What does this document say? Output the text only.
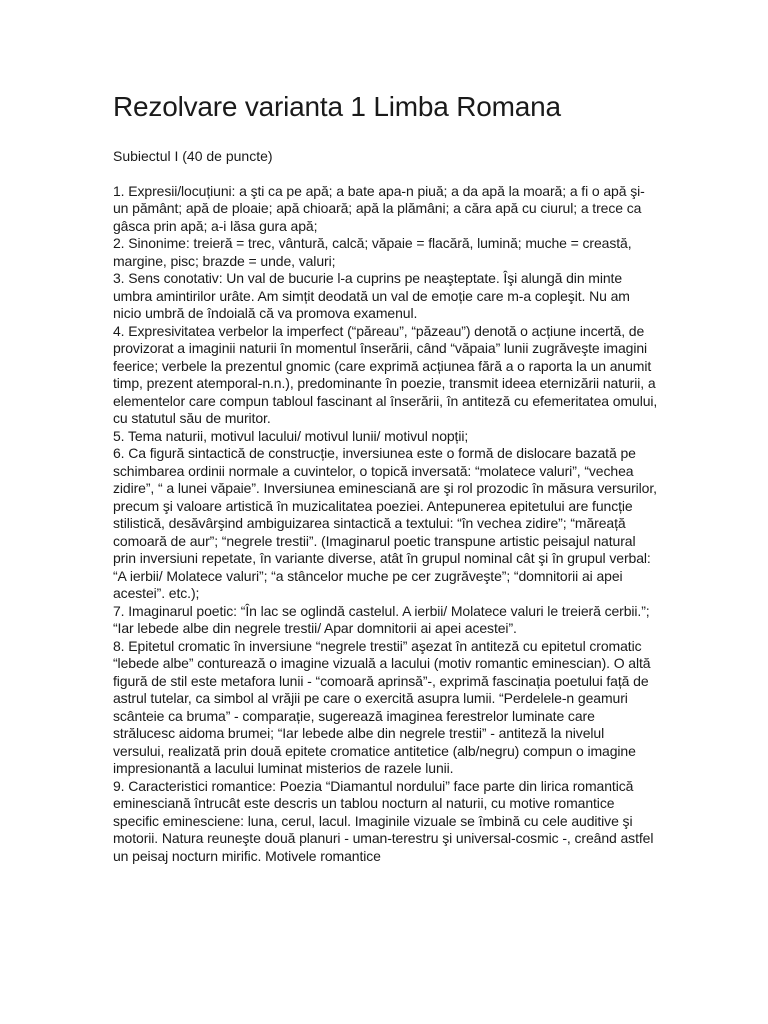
Rezolvare varianta 1 Limba Romana

Subiectul I (40 de puncte)

1. Expresii/locuțiuni: a şti ca pe apă; a bate apa-n piuă; a da apă la moară; a fi o apă şi-un pământ; apă de ploaie; apă chioară; apă la plămâni; a căra apă cu ciurul; a trece ca gâsca prin apă; a-i lăsa gura apă;

2. Sinonime: treieră = trec, vântură, calcă; văpaie = flacără, lumină; muche = creastă, margine, pisc; brazde = unde, valuri;

3. Sens conotativ: Un val de bucurie l-a cuprins pe neaşteptate. Îşi alungă din minte umbra amintirilor urâte. Am simțit deodată un val de emoție care m-a copleşit. Nu am nicio umbră de îndoială că va promova examenul.

4. Expresivitatea verbelor la imperfect (“păreau”, “păzeau”) denotă o acțiune incertă, de provizorat a imaginii naturii în momentul înserării, când “văpaia” lunii zugrăveşte imagini feerice; verbele la prezentul gnomic (care exprimă acțiunea fără a o raporta la un anumit timp, prezent atemporal-n.n.), predominante în poezie, transmit ideea eternizării naturii, a elementelor care compun tabloul fascinant al înserării, în antiteză cu efemeritatea omului, cu statutul său de muritor.

5. Tema naturii, motivul lacului/ motivul lunii/ motivul nopții;

6. Ca figură sintactică de construcție, inversiunea este o formă de dislocare bazată pe schimbarea ordinii normale a cuvintelor, o topică inversată: “molatece valuri”, “vechea zidire”, “ a lunei văpaie”. Inversiunea eminesciană are şi rol prozodic în măsura versurilor, precum şi valoare artistică în muzicalitatea poeziei. Antepunerea epitetului are funcție stilistică, desăvârşind ambiguizarea sintactică a textului: “în vechea zidire”; “măreață comoară de aur”; “negrele trestii”. (Imaginarul poetic transpune artistic peisajul natural prin inversiuni repetate, în variante diverse, atât în grupul nominal cât şi în grupul verbal: “A ierbii/ Molatece valuri”; “a stâncelor muche pe cer zugrăveşte”; “domnitorii ai apei acestei”. etc.);

7. Imaginarul poetic: “În lac se oglindă castelul. A ierbii/ Molatece valuri le treieră cerbii.”; “Iar lebede albe din negrele trestii/ Apar domnitorii ai apei acestei”.

8. Epitetul cromatic în inversiune “negrele trestii” aşezat în antiteză cu epitetul cromatic “lebede albe” conturează o imagine vizuală a lacului (motiv romantic eminescian). O altă figură de stil este metafora lunii - “comoară aprinsă”-, exprimă fascinația poetului față de astrul tutelar, ca simbol al vrăjii pe care o exercită asupra lumii. “Perdelele-n geamuri scânteie ca bruma” - comparație, sugerează imaginea ferestrelor luminate care strălucesc aidoma brumei; “Iar lebede albe din negrele trestii” - antiteză la nivelul versului, realizată prin două epitete cromatice antitetice (alb/negru) compun o imagine impresionantă a lacului luminat misterios de razele lunii.

9. Caracteristici romantice: Poezia “Diamantul nordului” face parte din lirica romantică eminesciană întrucât este descris un tablou nocturn al naturii, cu motive romantice specific eminesciene: luna, cerul, lacul. Imaginile vizuale se îmbină cu cele auditive şi motorii. Natura reuneşte două planuri - uman-terestru şi universal-cosmic -, creând astfel un peisaj nocturn mirific. Motivele romantice
